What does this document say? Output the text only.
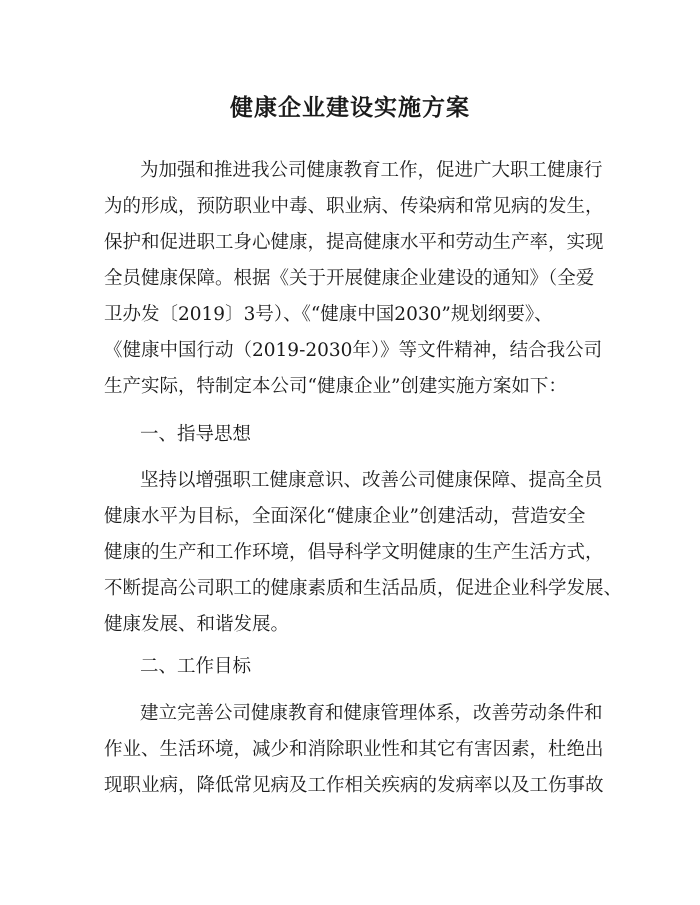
健康企业建设实施方案

为加强和推进我公司健康教育工作，促进广大职工健康行

为的形成，预防职业中毒、职业病、传染病和常见病的发生，

保护和促进职工身心健康，提高健康水平和劳动生产率，实现

全员健康保障。根据《关于开展健康企业建设的通知》（全爱

卫办发〔2019〕3号）、《“健康中国2030”规划纲要》、

《健康中国行动（2019-2030年）》等文件精神，结合我公司

生产实际，特制定本公司“健康企业”创建实施方案如下：

一、指导思想

坚持以增强职工健康意识、改善公司健康保障、提高全员

健康水平为目标，全面深化“健康企业”创建活动，营造安全

健康的生产和工作环境，倡导科学文明健康的生产生活方式，

不断提高公司职工的健康素质和生活品质，促进企业科学发展、

健康发展、和谐发展。

二、工作目标

建立完善公司健康教育和健康管理体系，改善劳动条件和

作业、生活环境，减少和消除职业性和其它有害因素，杜绝出

现职业病，降低常见病及工作相关疾病的发病率以及工伤事故
